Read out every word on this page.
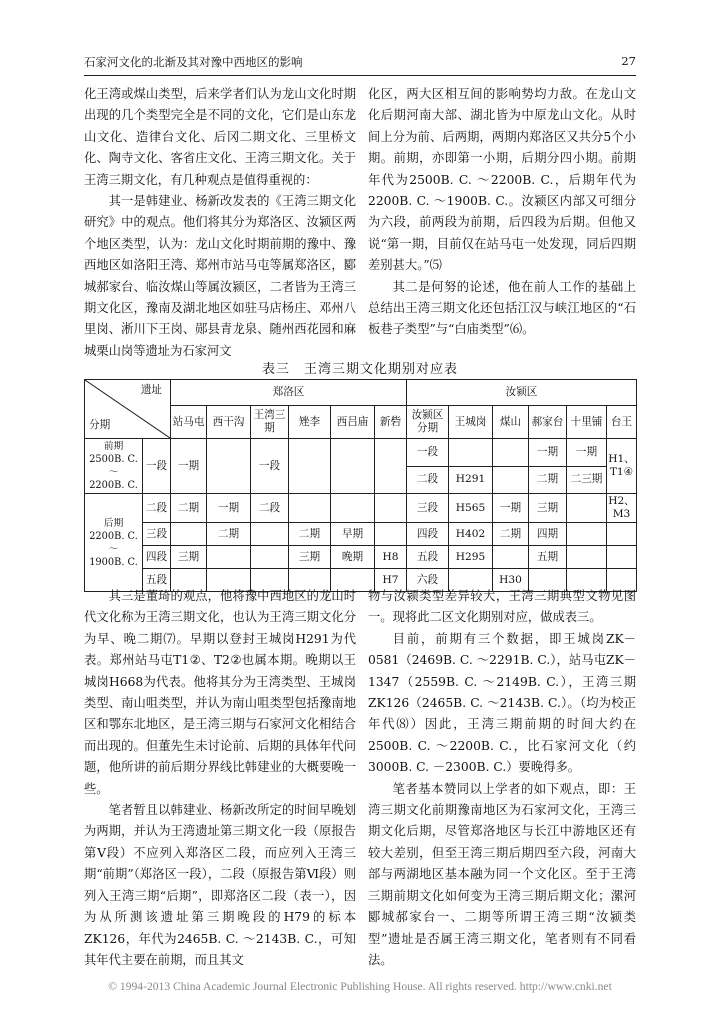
石家河文化的北渐及其对豫中西地区的影响	27

化王湾或煤山类型，后来学者们认为龙山文化时期出现的几个类型完全是不同的文化，它们是山东龙山文化、造律台文化、后冈二期文化、三里桥文化、陶寺文化、客省庄文化、王湾三期文化。关于王湾三期文化，有几种观点是值得重视的：

其一是韩建业、杨新改发表的《王湾三期文化研究》中的观点。他们将其分为郑洛区、汝颍区两个地区类型，认为：龙山文化时期前期的豫中、豫西地区如洛阳王湾、郑州市站马屯等属郑洛区，郾城郝家台、临汝煤山等属汝颍区，二者皆为王湾三期文化区，豫南及湖北地区如驻马店杨庄、邓州八里岗、淅川下王岗、郧县青龙泉、随州西花园和麻城栗山岗等遗址为石家河文

化区，两大区相互间的影响势均力敌。在龙山文化后期河南大部、湖北皆为中原龙山文化。从时间上分为前、后两期，两期内郑洛区又共分5个小期。前期，亦即第一小期，后期分四小期。前期年代为2500B. C. ～2200B. C.，后期年代为2200B. C. ～1900B. C.。汝颍区内部又可细分为六段，前两段为前期，后四段为后期。但他又说“第一期，目前仅在站马屯一处发现，同后四期差别甚大。”⑸

其二是何努的论述，他在前人工作的基础上总结出王湾三期文化还包括江汉与峡江地区的“石板巷子类型”与“白庙类型”⑹。

表三　王湾三期文化期别对应表
遗址
分期		郑洛区						汝颍区					
		站马屯	西干沟	王湾三期	矬李	西吕庙	新砦	汝颍区分期	王城岗	煤山	郝家台	十里铺	台王
前期
2500B. C. ～
2200B. C.	一段	一期		一段				一段			一期	一期	H1、T1④
								二段	H291		二期	二三期	
后期
2200B. C. ～
1900B. C.	二段	二期	一期	二段				三段	H565	一期	三期		H2、M3
	三段		二期		二期	早期		四段	H402	二期	四期		
	四段	三期			三期	晚期	H8	五段	H295		五期		
	五段						H7	六段		H30			

其三是董琦的观点，他将豫中西地区的龙山时代文化称为王湾三期文化，也认为王湾三期文化分为早、晚二期⑺。早期以登封王城岗H291为代表。郑州站马屯T1②、T2②也属本期。晚期以王城岗H668为代表。他将其分为王湾类型、王城岗类型、南山咀类型，并认为南山咀类型包括豫南地区和鄂东北地区，是王湾三期与石家河文化相结合而出现的。但董先生未讨论前、后期的具体年代问题，他所讲的前后期分界线比韩建业的大概要晚一些。

笔者暂且以韩建业、杨新改所定的时间早晚划为两期，并认为王湾遗址第三期文化一段（原报告第Ⅴ段）不应列入郑洛区二段，而应列入王湾三期“前期”（郑洛区一段），二段（原报告第Ⅵ段）则列入王湾三期“后期”，即郑洛区二段（表一），因为从所测该遗址第三期晚段的H79的标本ZK126，年代为2465B. C. ～2143B. C.，可知其年代主要在前期，而且其文

物与汝颍类型差异较大，王湾三期典型文物见图一。现将此二区文化期别对应，做成表三。

目前，前期有三个数据，即王城岗ZK－0581（2469B. C. ～2291B. C.），站马屯ZK－1347（2559B. C. ～2149B. C.），王湾三期ZK126（2465B. C. ～2143B. C.）。（均为校正年代⑻）因此，王湾三期前期的时间大约在2500B. C. ～2200B. C.，比石家河文化（约3000B. C. －2300B. C.）要晚得多。

笔者基本赞同以上学者的如下观点，即：王湾三期文化前期豫南地区为石家河文化，王湾三期文化后期，尽管郑洛地区与长江中游地区还有较大差别，但至王湾三期后期四至六段，河南大部与两湖地区基本融为同一个文化区。至于王湾三期前期文化如何变为王湾三期后期文化；漯河郾城郝家台一、二期等所谓王湾三期“汝颍类型”遗址是否属王湾三期文化，笔者则有不同看法。

© 1994-2013 China Academic Journal Electronic Publishing House. All rights reserved. http://www.cnki.net
